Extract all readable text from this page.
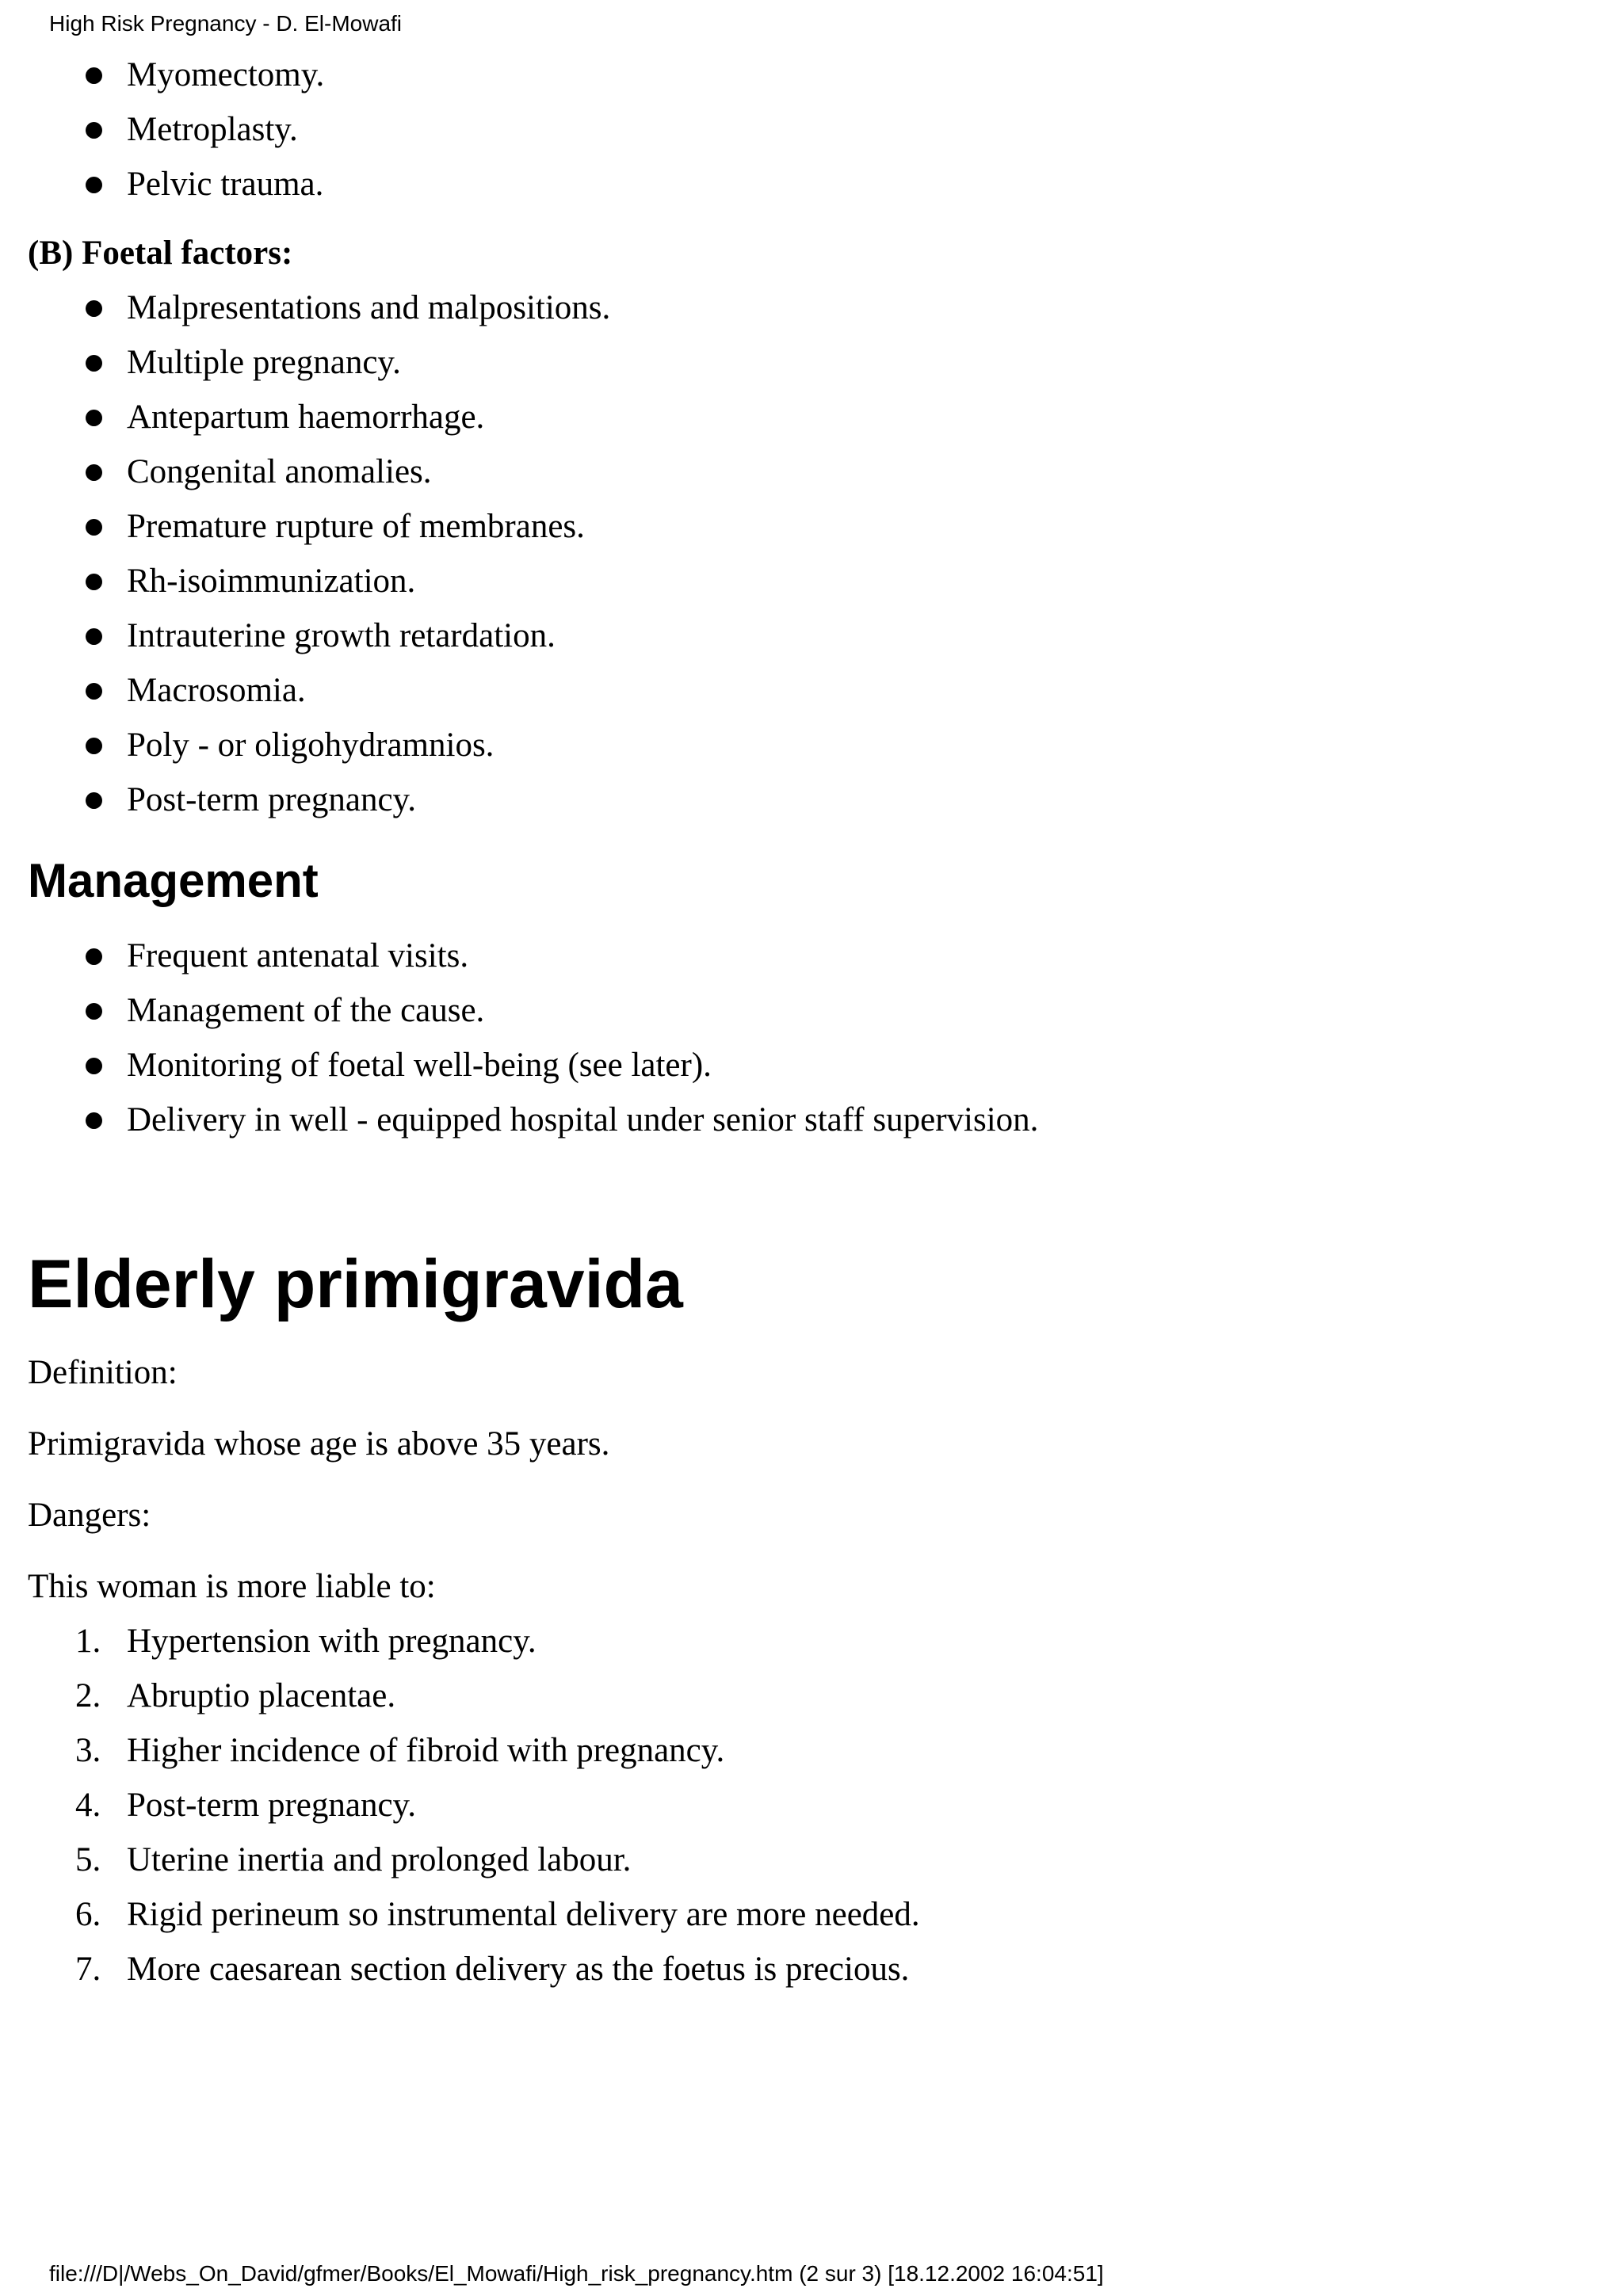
High Risk Pregnancy - D. El-Mowafi
Myomectomy.
Metroplasty.
Pelvic trauma.

(B) Foetal factors:

Malpresentations and malpositions.
Multiple pregnancy.
Antepartum haemorrhage.
Congenital anomalies.
Premature rupture of membranes.
Rh-isoimmunization.
Intrauterine growth retardation.
Macrosomia.
Poly - or oligohydramnios.
Post-term pregnancy.
Management
Frequent antenatal visits.
Management of the cause.
Monitoring of foetal well-being (see later).
Delivery in well - equipped hospital under senior staff supervision.
Elderly primigravida

Definition:

Primigravida whose age is above 35 years.

Dangers:

This woman is more liable to:

1. Hypertension with pregnancy.
2. Abruptio placentae.
3. Higher incidence of fibroid with pregnancy.
4. Post-term pregnancy.
5. Uterine inertia and prolonged labour.
6. Rigid perineum so instrumental delivery are more needed.
7. More caesarean section delivery as the foetus is precious.
file:///D|/Webs_On_David/gfmer/Books/El_Mowafi/High_risk_pregnancy.htm (2 sur 3) [18.12.2002 16:04:51]
